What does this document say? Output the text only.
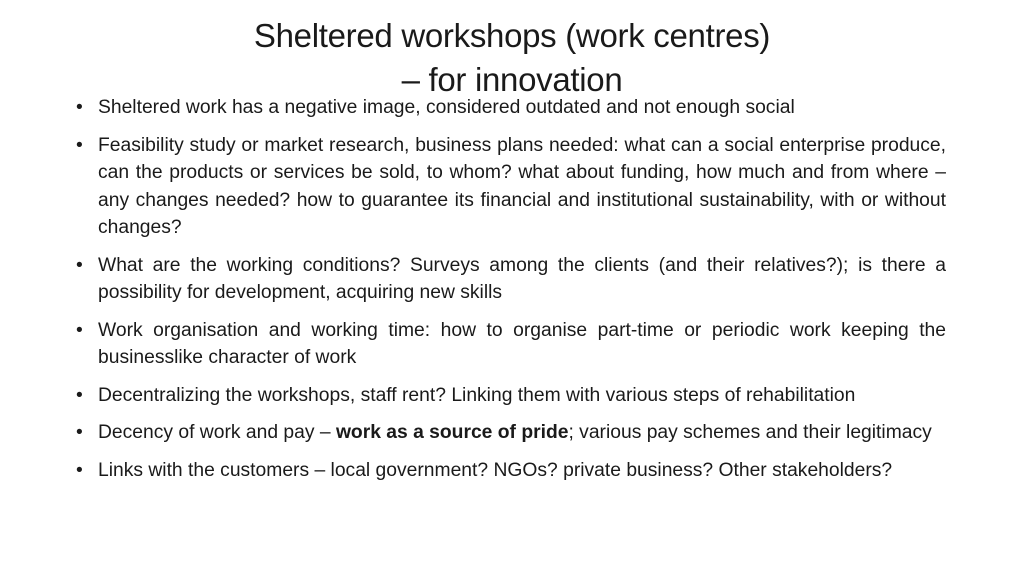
Sheltered workshops (work centres)
– for innovation
• Sheltered work has a negative image, considered outdated and not enough social
• Feasibility study or market research, business plans needed: what can a social enterprise produce, can the products or services be sold, to whom? what about funding, how much and from where – any changes needed? how to guarantee its financial and institutional sustainability, with or without changes?
• What are the working conditions? Surveys among the clients (and their relatives?); is there a possibility for development, acquiring new skills
• Work organisation and working time: how to organise part-time or periodic work keeping the businesslike character of work
• Decentralizing the workshops, staff rent? Linking them with various steps of rehabilitation
• Decency of work and pay – work as a source of pride; various pay schemes and their legitimacy
• Links with the customers – local government? NGOs? private business? Other stakeholders?
